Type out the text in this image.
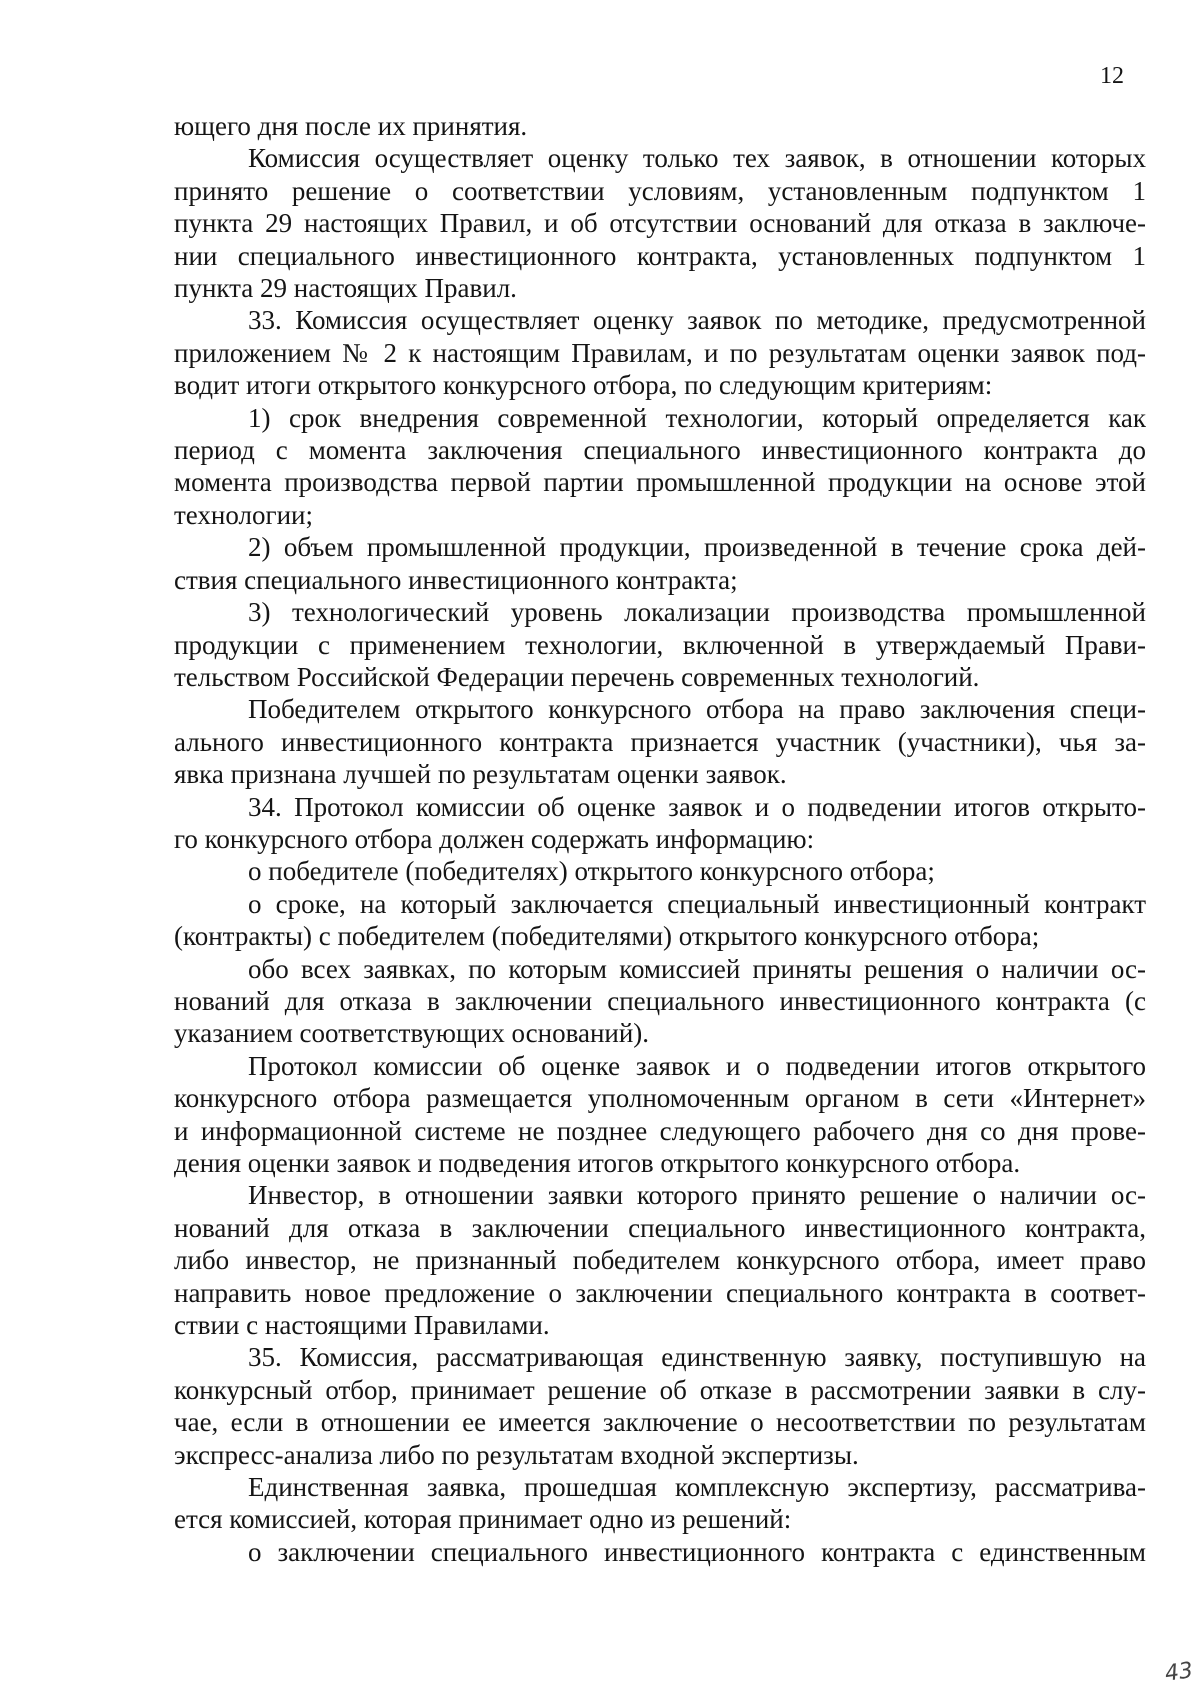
12
ющего дня после их принятия.
Комиссия осуществляет оценку только тех заявок, в отношении которых
принято решение о соответствии условиям, установленным подпунктом 1
пункта 29 настоящих Правил, и об отсутствии оснований для отказа в заключе-
нии специального инвестиционного контракта, установленных подпунктом 1
пункта 29 настоящих Правил.
33. Комиссия осуществляет оценку заявок по методике, предусмотренной
приложением № 2 к настоящим Правилам, и по результатам оценки заявок под-
водит итоги открытого конкурсного отбора, по следующим критериям:
1) срок внедрения современной технологии, который определяется как
период с момента заключения специального инвестиционного контракта до
момента производства первой партии промышленной продукции на основе этой
технологии;
2) объем промышленной продукции, произведенной в течение срока дей-
ствия специального инвестиционного контракта;
3) технологический уровень локализации производства промышленной
продукции с применением технологии, включенной в утверждаемый Прави-
тельством Российской Федерации перечень современных технологий.
Победителем открытого конкурсного отбора на право заключения специ-
ального инвестиционного контракта признается участник (участники), чья за-
явка признана лучшей по результатам оценки заявок.
34. Протокол комиссии об оценке заявок и о подведении итогов открыто-
го конкурсного отбора должен содержать информацию:
о победителе (победителях) открытого конкурсного отбора;
о сроке, на который заключается специальный инвестиционный контракт
(контракты) с победителем (победителями) открытого конкурсного отбора;
обо всех заявках, по которым комиссией приняты решения о наличии ос-
нований для отказа в заключении специального инвестиционного контракта (с
указанием соответствующих оснований).
Протокол комиссии об оценке заявок и о подведении итогов открытого
конкурсного отбора размещается уполномоченным органом в сети «Интернет»
и информационной системе не позднее следующего рабочего дня со дня прове-
дения оценки заявок и подведения итогов открытого конкурсного отбора.
Инвестор, в отношении заявки которого принято решение о наличии ос-
нований для отказа в заключении специального инвестиционного контракта,
либо инвестор, не признанный победителем конкурсного отбора, имеет право
направить новое предложение о заключении специального контракта в соответ-
ствии с настоящими Правилами.
35. Комиссия, рассматривающая единственную заявку, поступившую на
конкурсный отбор, принимает решение об отказе в рассмотрении заявки в слу-
чае, если в отношении ее имеется заключение о несоответствии по результатам
экспресс-анализа либо по результатам входной экспертизы.
Единственная заявка, прошедшая комплексную экспертизу, рассматрива-
ется комиссией, которая принимает одно из решений:
о заключении специального инвестиционного контракта с единственным
43
